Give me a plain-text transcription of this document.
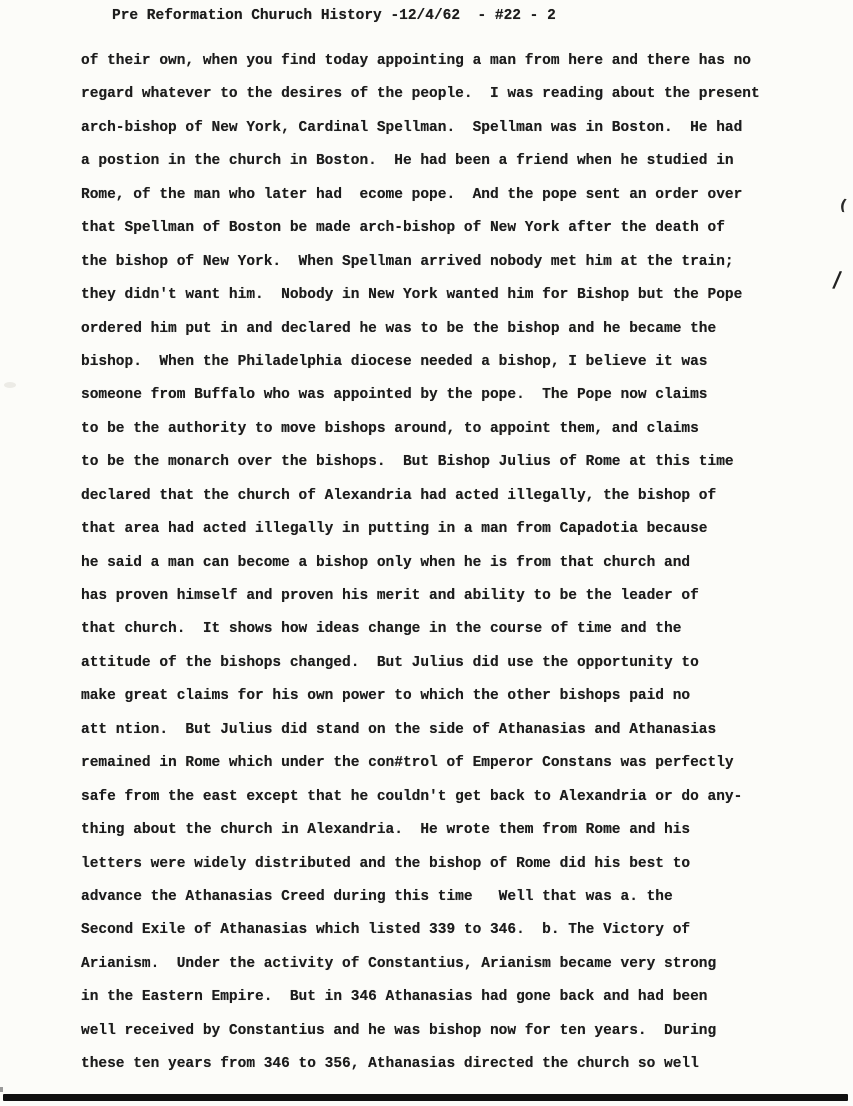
Pre Reformation Churuch History -12/4/62  - #22 - 2
of their own, when you find today appointing a man from here and there has no
regard whatever to the desires of the people.  I was reading about the present
arch-bishop of New York, Cardinal Spellman.  Spellman was in Boston.  He had
a postion in the church in Boston.  He had been a friend when he studied in
Rome, of the man who later had  ecome pope.  And the pope sent an order over
that Spellman of Boston be made arch-bishop of New York after the death of
the bishop of New York.  When Spellman arrived nobody met him at the train;
they didn't want him.  Nobody in New York wanted him for Bishop but the Pope
ordered him put in and declared he was to be the bishop and he became the
bishop.  When the Philadelphia diocese needed a bishop, I believe it was
someone from Buffalo who was appointed by the pope.  The Pope now claims
to be the authority to move bishops around, to appoint them, and claims
to be the monarch over the bishops.  But Bishop Julius of Rome at this time
declared that the church of Alexandria had acted illegally, the bishop of
that area had acted illegally in putting in a man from Capadotia because
he said a man can become a bishop only when he is from that church and
has proven himself and proven his merit and ability to be the leader of
that church.  It shows how ideas change in the course of time and the
attitude of the bishops changed.  But Julius did use the opportunity to
make great claims for his own power to which the other bishops paid no
att ntion.  But Julius did stand on the side of Athanasias and Athanasias
remained in Rome which under the con#trol of Emperor Constans was perfectly
safe from the east except that he couldn't get back to Alexandria or do any-
thing about the church in Alexandria.  He wrote them from Rome and his
letters were widely distributed and the bishop of Rome did his best to
advance the Athanasias Creed during this time   Well that was a. the
Second Exile of Athanasias which listed 339 to 346.  b. The Victory of
Arianism.  Under the activity of Constantius, Arianism became very strong
in the Eastern Empire.  But in 346 Athanasias had gone back and had been
well received by Constantius and he was bishop now for ten years.  During
these ten years from 346 to 356, Athanasias directed the church so well
(
/
